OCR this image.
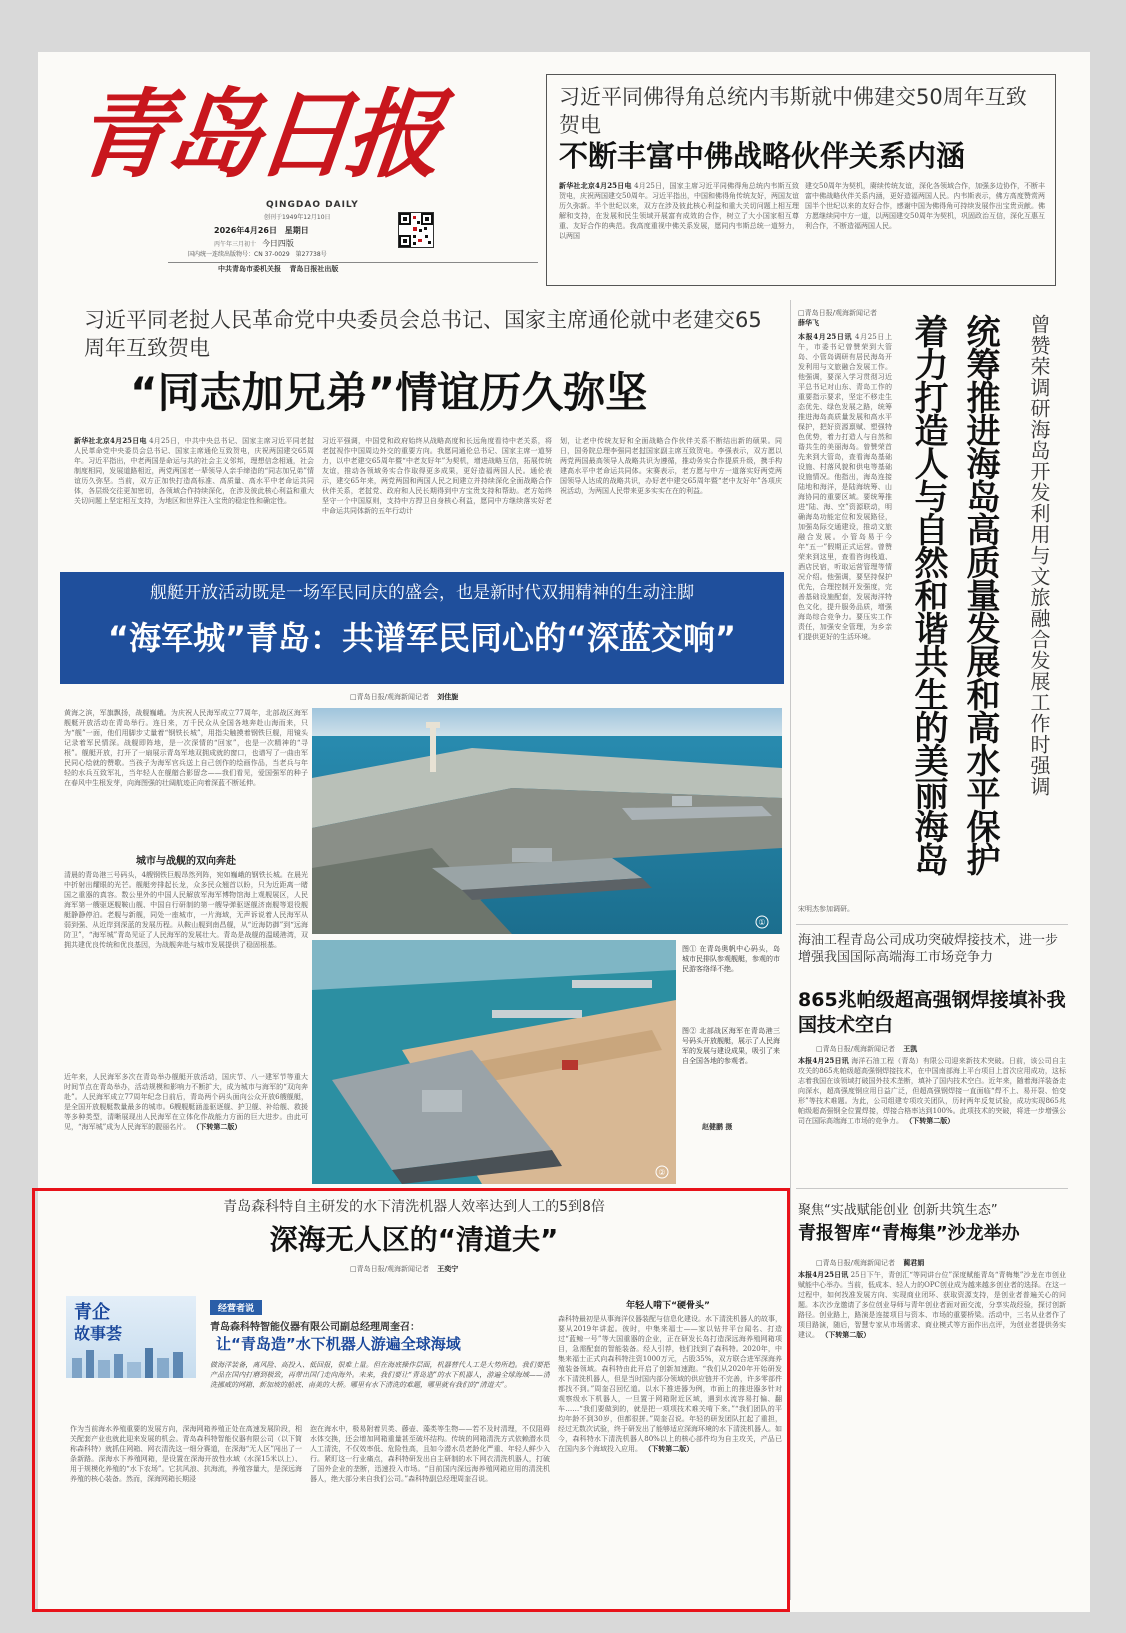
青岛日报
QINGDAO DAILY
创刊于1949年12月10日
2026年4月26日 星期日
丙午年三月初十 今日四版
国内统一连续出版物号：CN 37-0029 第27738号
中共青岛市委机关报 青岛日报社出版
习近平同佛得角总统内韦斯就中佛建交50周年互致贺电
不断丰富中佛战略伙伴关系内涵
新华社北京4月25日电 4月25日，国家主席习近平同佛得角总统内韦斯互致贺电，庆祝两国建交50周年。习近平指出，中国和佛得角传统友好，两国友谊历久弥新。半个世纪以来，双方在涉及彼此核心利益和重大关切问题上相互理解和支持，在发展和民生领域开展富有成效的合作，树立了大小国家相互尊重、友好合作的典范。我高度重视中佛关系发展，愿同内韦斯总统一道努力，以两国
建交50周年为契机，赓续传统友谊，深化各领域合作，加强多边协作，不断丰富中佛战略伙伴关系内涵，更好造福两国人民。内韦斯表示，佛方高度赞赏两国半个世纪以来的友好合作，感谢中国为佛得角可持续发展作出宝贵贡献。佛方愿继续同中方一道，以两国建交50周年为契机，巩固政治互信，深化互惠互利合作，不断造福两国人民。
习近平同老挝人民革命党中央委员会总书记、国家主席通伦就中老建交65周年互致贺电
“同志加兄弟”情谊历久弥坚
新华社北京4月25日电 4月25日，中共中央总书记、国家主席习近平同老挝人民革命党中央委员会总书记、国家主席通伦互致贺电，庆祝两国建交65周年。习近平指出，中老两国是命运与共的社会主义邻邦，理想信念相通，社会制度相同，发展道路相近，两党两国老一辈领导人亲手缔造的“同志加兄弟”情谊历久弥坚。当前，双方正加快打造高标准、高质量、高水平中老命运共同体，各层级交往更加密切，各领域合作持续深化，在涉及彼此核心利益和重大关切问题上坚定相互支持，为地区和世界注入宝贵的稳定性和确定性。
习近平强调，中国党和政府始终从战略高度和长远角度看待中老关系，将老挝视作中国周边外交的重要方向。我愿同通伦总书记、国家主席一道努力，以中老建交65周年暨“中老友好年”为契机，增进战略互信，拓展传统友谊，推动各领域务实合作取得更多成果，更好造福两国人民。通伦表示，建交65年来，两党两国和两国人民之间建立并持续深化全面战略合作伙伴关系，老挝党、政府和人民长期得到中方宝贵支持和帮助。老方始终坚守一个中国原则，支持中方捍卫自身核心利益，愿同中方继续落实好老中命运共同体新的五年行动计
划，让老中传统友好和全面战略合作伙伴关系不断结出新的硕果。同日，国务院总理李强同老挝国家副主席互致贺电。李强表示，双方愿以两党两国最高领导人战略共识为遵循，推动务实合作提质升级，携手构建高水平中老命运共同体。宋赛表示，老方愿与中方一道落实好两党两国领导人达成的战略共识，办好老中建交65周年暨“老中友好年”各项庆祝活动，为两国人民带来更多实实在在的利益。
舰艇开放活动既是一场军民同庆的盛会，也是新时代双拥精神的生动注脚
“海军城”青岛：共谱军民同心的“深蓝交响”
□青岛日报/观海新闻记者 刘佳旎
黄海之滨，军旗飘扬，战舰巍峨。为庆祝人民海军成立77周年，北部战区海军舰艇开放活动在青岛举行。连日来，万千民众从全国各地奔赴山海而来，只为“舰”一面，他们用脚步丈量着“钢铁长城”，用指尖触摸着钢铁巨舰，用镜头记录着军民情深。战舰即阵地，是一次深情的“回家”，也是一次精神的“寻根”。舰艇开放，打开了一扇展示青岛军地双拥成就的窗口，也谱写了一曲由军民同心绘就的赞歌。当孩子为海军官兵送上自己创作的绘画作品，当老兵与年轻的水兵互致军礼，当年轻人在舰艏合影留念——我们看见，爱国强军的种子在春风中生根发芽，向海图强的壮阔航迹正向着深蓝不断延伸。
城市与战舰的双向奔赴
清晨的青岛港三号码头，4艘钢铁巨舰昂然列阵，宛如巍峨的钢铁长城。在晨光中折射出耀眼的光芒。舰艇旁排起长龙，众多民众翘首以盼，只为近距离一睹国之重器的真容。数公里外的中国人民解放军海军博物馆海上观舰展区，人民海军第一艘驱逐舰鞍山舰、中国自行研制的第一艘导弹驱逐舰济南舰等退役舰艇静静停泊。老舰与新舰，同处一座城市，一片海域，无声诉说着人民海军从弱到强、从近岸到深蓝的发展历程。从鞍山舰到南昌舰，从“近海防御”到“远海防卫”，“海军城”青岛见证了人民海军的发展壮大。青岛是战舰的温暖港湾，双拥共建优良传统和优良基因，为战舰奔赴与城市发展提供了稳固根基。
近年来，人民海军多次在青岛举办舰艇开放活动，国庆节、八一建军节等重大时间节点在青岛举办，活动规模和影响力不断扩大，成为城市与海军的“双向奔赴”。人民海军成立77周年纪念日前后，青岛两个码头面向公众开放6艘舰艇，是全国开放舰艇数量最多的城市。6艘舰艇涵盖驱逐舰、护卫舰、补给舰、救援等多种类型，清晰展现出人民海军在立体化作战能力方面的巨大进步。由此可见，“海军城”成为人民海军的靓丽名片。 （下转第二版）
①
②
图① 在青岛奥帆中心码头，岛城市民排队参观舰艇，参观的市民游客络绎不绝。
图② 北部战区海军在青岛港三号码头开放舰艇，展示了人民海军的发展与建设成果，吸引了来自全国各地的参观者。
赵健鹏 摄
□青岛日报/观海新闻记者 薛华飞
本报4月25日讯 4月25日上午，市委书记曾赞荣到大管岛、小管岛调研有居民海岛开发利用与文旅融合发展工作。他强调，要深入学习贯彻习近平总书记对山东、青岛工作的重要指示要求，坚定不移走生态优先、绿色发展之路，统筹推进海岛高质量发展和高水平保护，把好资源禀赋、塑强特色优势，着力打造人与自然和谐共生的美丽海岛。曾赞荣首先来到大管岛，查看海岛基础设施、村落风貌和供电等基础设施情况。他指出，海岛连接陆地和海洋，是陆海统筹、山海协同的重要区域。要统筹推进“陆、海、空”资源联动，明确海岛功能定位和发展路径，加强岛际交通建设，推动文旅融合发展。小管岛易于今年“五一”假期正式运营。曾赞荣来到这里，查看咨询栈道、酒店民宿，听取运营管理等情况介绍。他强调，要坚持保护优先，合理控制开发强度，完善基础设施配套，发展海洋特色文化，提升服务品质，增强海岛综合竞争力。要压实工作责任，加强安全管理，为乡亲们提供更好的生活环境。
宋明杰参加调研。
曾赞荣调研海岛开发利用与文旅融合发展工作时强调
统筹推进海岛高质量发展和高水平保护
着力打造人与自然和谐共生的美丽海岛
海油工程青岛公司成功突破焊接技术，进一步增强我国国际高端海工市场竞争力
865兆帕级超高强钢焊接填补我国技术空白
□青岛日报/观海新闻记者 王凯
本报4月25日讯 海洋石油工程（青岛）有限公司迎来新技术突破。日前，该公司自主攻关的865兆帕级超高强钢焊接技术，在中国南部海上平台项目上首次应用成功，这标志着我国在该领域打破国外技术垄断，填补了国内技术空白。近年来，随着海洋装备走向深水，超高强度钢应用日益广泛，但超高强钢焊接一直面临“焊不上、易开裂、怕变形”等技术难题。为此，公司组建专项攻关团队，历时两年反复试验，成功实现865兆帕级超高强钢全位置焊接，焊接合格率达到100%。此项技术的突破，将进一步增强公司在国际高端海工市场的竞争力。 （下转第二版）
聚焦“实战赋能创业 创新共筑生态”
青报智库“青梅集”沙龙举办
□青岛日报/观海新闻记者 蔺君娟
本报4月25日讯 25日下午，青创汇“等同讲台位”深度赋能青岛“青梅集”沙龙在市创业赋能中心举办。当前，低成本、轻人力的OPC创业成为越来越多创业者的选择。在这一过程中，如何找准发展方向、实现商业闭环、获取资源支持，是创业者普遍关心的问题。本次沙龙邀请了多位创业导师与青年创业者面对面交流，分享实战经验，探讨创新路径。创业路上，路演是连接项目与资本、市场的重要桥梁。活动中，三名从业者作了项目路演，随后，智慧专家从市场需求、商业模式等方面作出点评，为创业者提供务实建议。 （下转第二版）
青岛森科特自主研发的水下清洗机器人效率达到人工的5到8倍
深海无人区的“清道夫”
□青岛日报/观海新闻记者 王奕宁
青企
故事荟
经营者说
青岛森科特智能仪器有限公司副总经理周奎召：
让“青岛造”水下机器人游遍全球海域
做海洋装备，离风险、高投入、低回报，很难上量。但在海底操作层面，机器替代人工是大势所趋。我们要把产品在国内打磨到极致，再带出国门走向海外。未来，我们要让“青岛造”的水下机器人，游遍全球海域——清洗挪威的网箱、新加坡的船底、南美的大桥。哪里有水下清洗的难题，哪里就有我们的“清道夫”。
年轻人啃下“硬骨头”
森科特最初是从事海洋仪器装配与信息化建设。水下清洗机器人的故事，要从2019年讲起。彼时，中集来福士——家以钻井平台闻名、打造过“蓝鲸一号”等大国重器的企业，正在研发长岛打造深远海养殖网箱项目，急需配套的智能装备。经人引荐，他们找到了森科特。2020年，中集来福士正式向森科特注资1000万元，占股35%，双方联合进军深海养殖装备领域。森科特由此开启了创新加速跑。“我们从2020年开始研发水下清洗机器人，但是当时国内部分领域的供应链并不完善，许多零部件都找不到。”周奎召回忆道。以水下推进器为例，市面上的推进器多针对观察级水下机器人，一旦置于网箱附近区域，遇到水流容易打偏、翻车……“我们要做到的，就是把一项项技术难关啃下来。”“我们团队的平均年龄不到30岁，但都很拼。”周奎召说。年轻的研发团队扛起了重担，经过无数次试验，终于研发出了能够适应深海环境的水下清洗机器人。如今，森科特水下清洗机器人80%以上的核心部件均为自主攻关，产品已在国内多个海域投入应用。 （下转第二版）
作为当前海水养殖重要的发展方向，深海网箱养殖正处在高速发展阶段，相关配套产业也就此迎来发展的机会。青岛森科特智能仪器有限公司（以下简称森科特）就抓住网箱、网衣清洗这一细分赛道，在深海“无人区”闯出了一条新路。深海水下养殖网箱，是设置在深海开放性水域（水深15米以上）、用于规模化养殖的“水下农场”。它抗风浪、抗海流，养殖容量大，是深远海养殖的核心装备。然而，深海网箱长期浸
泡在海水中，极易附着贝类、藤壶、藻类等生物——若不及时清理，不仅阻碍水体交换，还会增加网箱重量甚至破坏结构。传统的网箱清洗方式依赖潜水员人工清洗，不仅效率低、危险性高，且如今潜水员老龄化严重、年轻人鲜少入行。紧盯这一行业痛点，森科特研发出自主研制的水下网衣清洗机器人，打破了国外企业的垄断，迅速投入市场。“目前国内深远海养殖网箱应用的清洗机器人，绝大部分来自我们公司。”森科特副总经理周奎召说。
